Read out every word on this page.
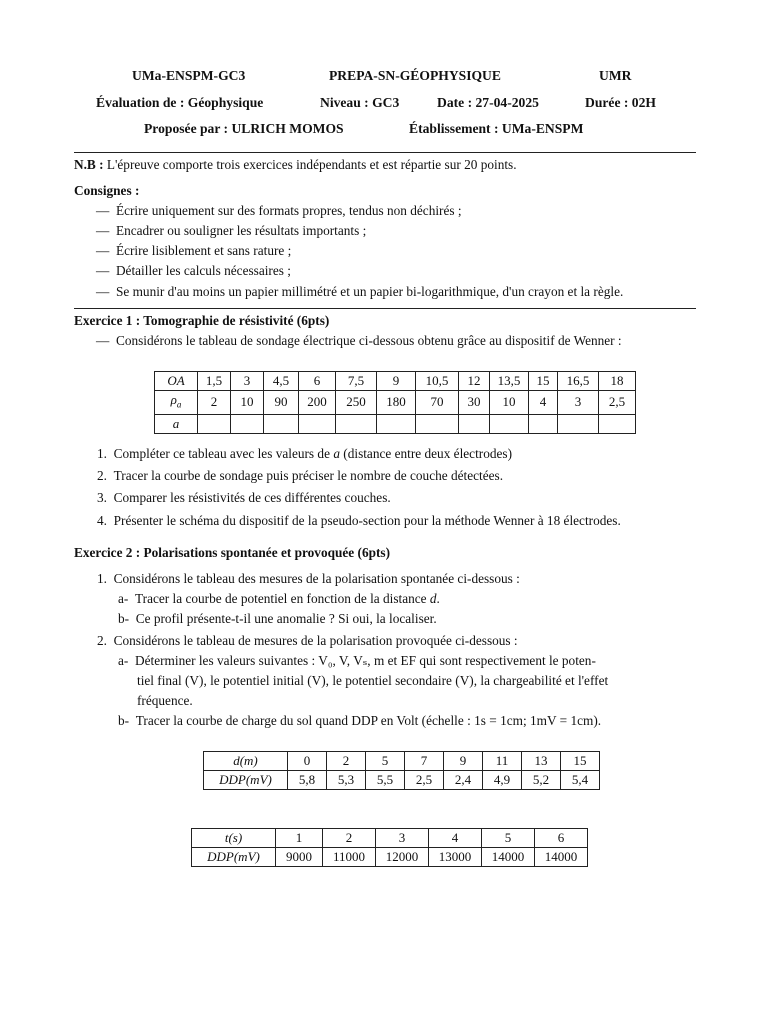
UMa-ENSPM-GC3	PREPA-SN-GÉOPHYSIQUE	UMR
Évaluation de : Géophysique	Niveau : GC3	Date : 27-04-2025	Durée : 02H
Proposée par : ULRICH MOMOS	Établissement : UMa-ENSPM
N.B : L'épreuve comporte trois exercices indépendants et est répartie sur 20 points.
Consignes :
—  Écrire uniquement sur des formats propres, tendus non déchirés ;
—  Encadrer ou souligner les résultats importants ;
—  Écrire lisiblement et sans rature ;
—  Détailler les calculs nécessaires ;
—  Se munir d'au moins un papier millimétré et un papier bi-logarithmique, d'un crayon et la règle.
Exercice 1 : Tomographie de résistivité (6pts)
—  Considérons le tableau de sondage électrique ci-dessous obtenu grâce au dispositif de Wenner :
OA	1,5	3	4,5	6	7,5	9	10,5	12	13,5	15	16,5	18
$\rho_a$	2	10	90	200	250	180	70	30	10	4	3	2,5
a												
1. Compléter ce tableau avec les valeurs de a (distance entre deux électrodes)
2. Tracer la courbe de sondage puis préciser le nombre de couche détectées.
3. Comparer les résistivités de ces différentes couches.
4. Présenter le schéma du dispositif de la pseudo-section pour la méthode Wenner à 18 électrodes.
Exercice 2 : Polarisations spontanée et provoquée (6pts)
1. Considérons le tableau des mesures de la polarisation spontanée ci-dessous :
a- Tracer la courbe de potentiel en fonction de la distance d.
b- Ce profil présente-t-il une anomalie ? Si oui, la localiser.
2. Considérons le tableau de mesures de la polarisation provoquée ci-dessous :
a- Déterminer les valeurs suivantes : V₀, V, Vₛ, m et EF qui sont respectivement le poten-
tiel final (V), le potentiel initial (V), le potentiel secondaire (V), la chargeabilité et l'effet
fréquence.
b- Tracer la courbe de charge du sol quand DDP en Volt (échelle : 1s = 1cm; 1mV = 1cm).
d(m)	0	2	5	7	9	11	13	15
DDP(mV)	5,8	5,3	5,5	2,5	2,4	4,9	5,2	5,4
t(s)	1	2	3	4	5	6
DDP(mV)	9000	11000	12000	13000	14000	14000
